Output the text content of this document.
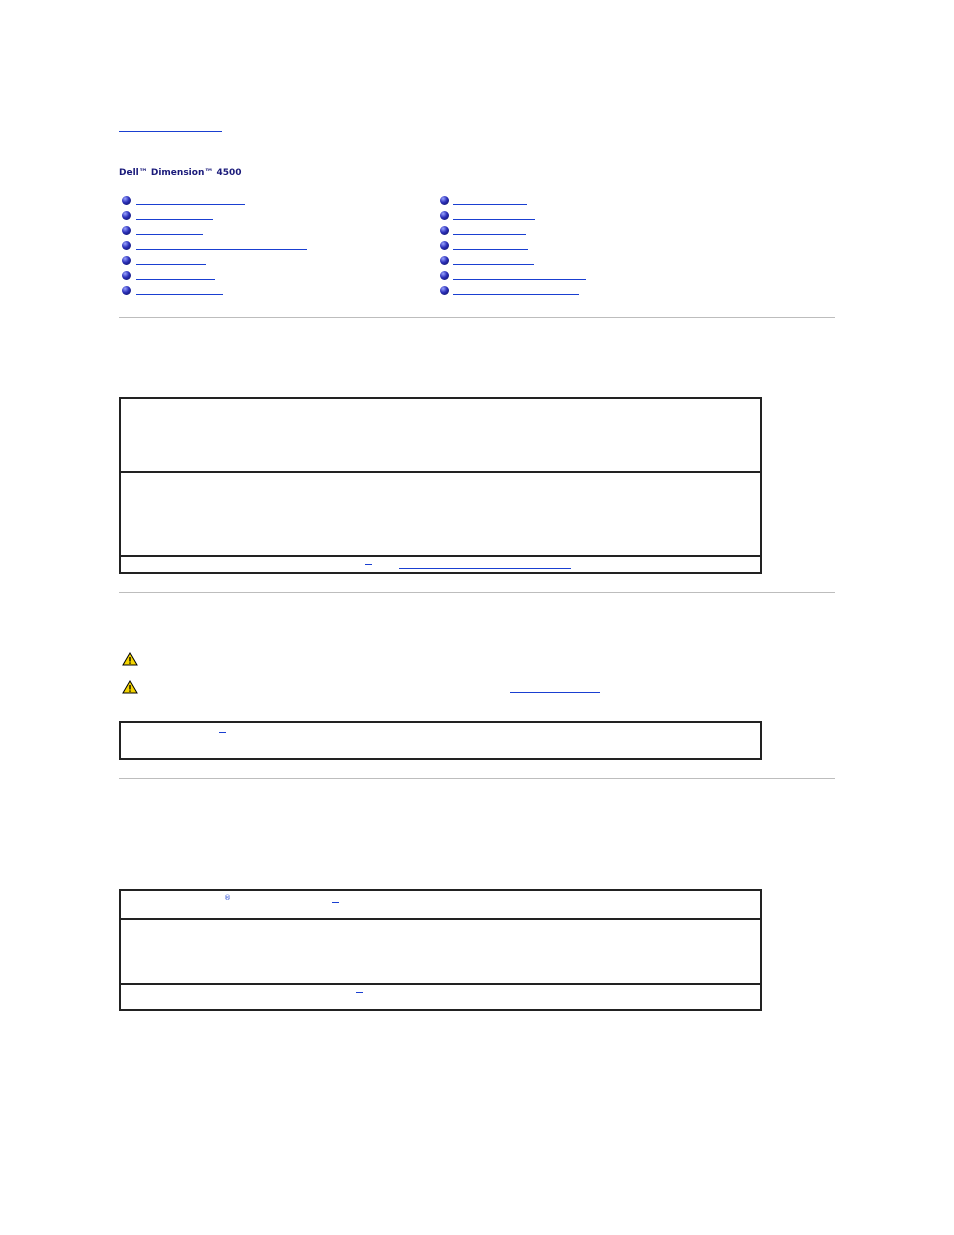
Dell™ Dimension™ 4500
®
